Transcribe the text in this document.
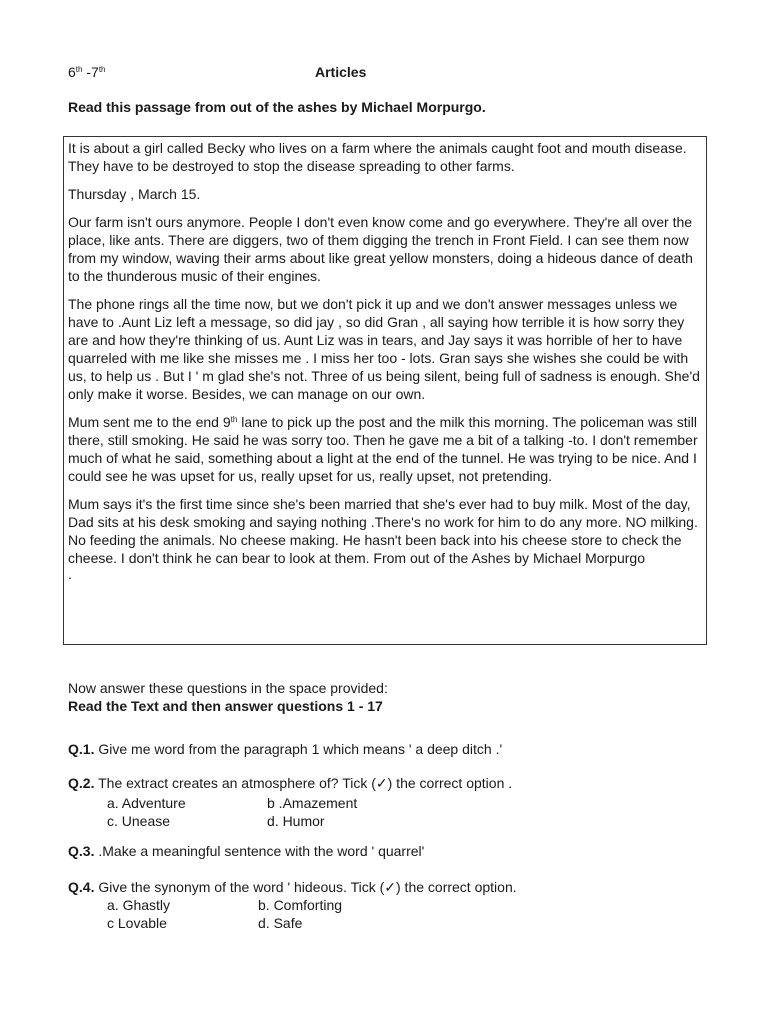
6th -7th	Articles
Read this passage from out of the ashes by Michael Morpurgo.

It is about a girl called Becky who lives on a farm where the animals caught foot and mouth disease. They have to be destroyed to stop the disease spreading to other farms.

Thursday , March 15.

Our farm isn't ours anymore. People I don't even know come and go everywhere. They're all over the place, like ants. There are diggers, two of them digging the trench in Front Field. I can see them now from my window, waving their arms about like great yellow monsters, doing a hideous dance of death to the thunderous music of their engines.

The phone rings all the time now, but we don't pick it up and we don't answer messages unless we have to .Aunt Liz left a message, so did jay , so did Gran , all saying how terrible it is how sorry they are and how they're thinking of us. Aunt Liz was in tears, and Jay says it was horrible of her to have quarreled with me like she misses me . I miss her too - lots. Gran says she wishes she could be with us, to help us . But I ' m glad she's not. Three of us being silent, being full of sadness is enough. She'd only make it worse. Besides, we can manage on our own.

Mum sent me to the end 9th lane to pick up the post and the milk this morning. The policeman was still there, still smoking. He said he was sorry too. Then he gave me a bit of a talking -to. I don't remember much of what he said, something about a light at the end of the tunnel. He was trying to be nice. And I could see he was upset for us, really upset for us, really upset, not pretending.

Mum says it's the first time since she's been married that she's ever had to buy milk. Most of the day, Dad sits at his desk smoking and saying nothing .There's no work for him to do any more. NO milking. No feeding the animals. No cheese making. He hasn't been back into his cheese store to check the cheese. I don't think he can bear to look at them. From out of the Ashes by Michael Morpurgo

.

Now answer these questions in the space provided:
Read the Text and then answer questions 1 - 17
Q.1. Give me word from the paragraph 1 which means ' a deep ditch .'
Q.2. The extract creates an atmosphere of? Tick (✓) the correct option .
a. Adventure	b .Amazement
c. Unease	d. Humor
Q.3. .Make a meaningful sentence with the word ' quarrel'
Q.4. Give the synonym of the word ' hideous. Tick (✓) the correct option.
a. Ghastly	b. Comforting
c Lovable	d. Safe
